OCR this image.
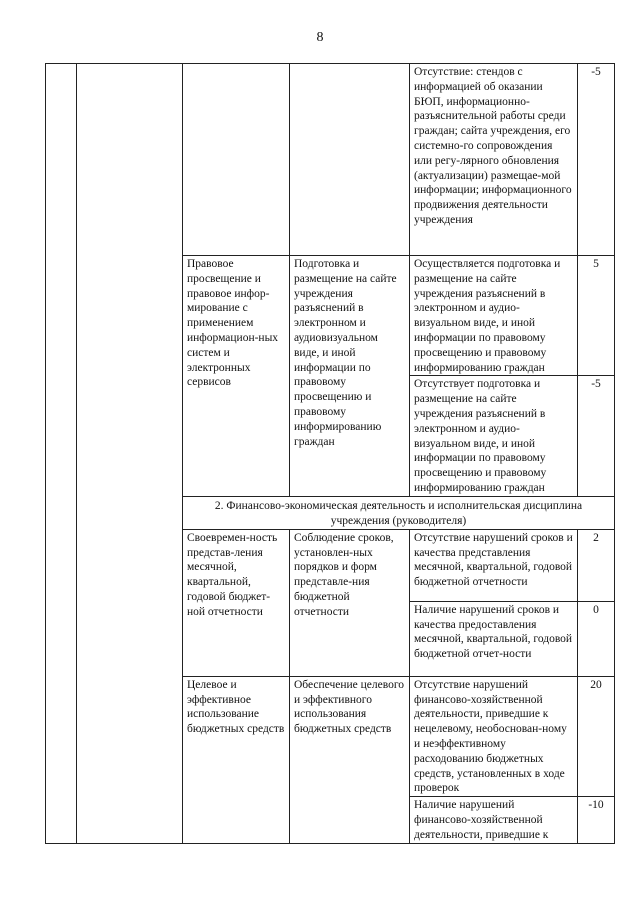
8
				Отсутствие: стендов с информацией об оказании БЮП, информационно-разъяснительной работы среди граждан; сайта учреждения, его системно-го сопровождения или регу-лярного обновления (актуализации) размещае-мой информации; информационного продвижения деятельности учреждения	-5
		Правовое просвещение и правовое инфор-мирование с применением информацион-ных систем и электронных сервисов	Подготовка и размещение на сайте учреждения разъяснений в электронном и аудиовизуальном виде, и иной информации по правовому просвещению и правовому информированию граждан	Осуществляется подготовка и размещение на сайте учреждения разъяснений в электронном и аудио-визуальном виде, и иной информации по правовому просвещению и правовому информированию граждан	5
				Отсутствует подготовка и размещение на сайте учреждения разъяснений в электронном и аудио-визуальном виде, и иной информации по правовому просвещению и правовому информированию граждан	-5
		2. Финансово-экономическая деятельность и исполнительская дисциплина учреждения (руководителя)			
		Своевремен-ность представ-ления месячной, квартальной, годовой бюджет-ной отчетности	Соблюдение сроков, установлен-ных порядков и форм представле-ния бюджетной отчетности	Отсутствие нарушений сроков и качества представления месячной, квартальной, годовой бюджетной отчетности	2
				Наличие нарушений сроков и качества предоставления месячной, квартальной, годовой бюджетной отчет-ности	0
		Целевое и эффективное использование бюджетных средств	Обеспечение целевого и эффективного использования бюджетных средств	Отсутствие нарушений финансово-хозяйственной деятельности, приведшие к нецелевому, необоснован-ному и неэффективному расходованию бюджетных средств, установленных в ходе проверок	20
				Наличие нарушений финансово-хозяйственной деятельности, приведшие к	-10
